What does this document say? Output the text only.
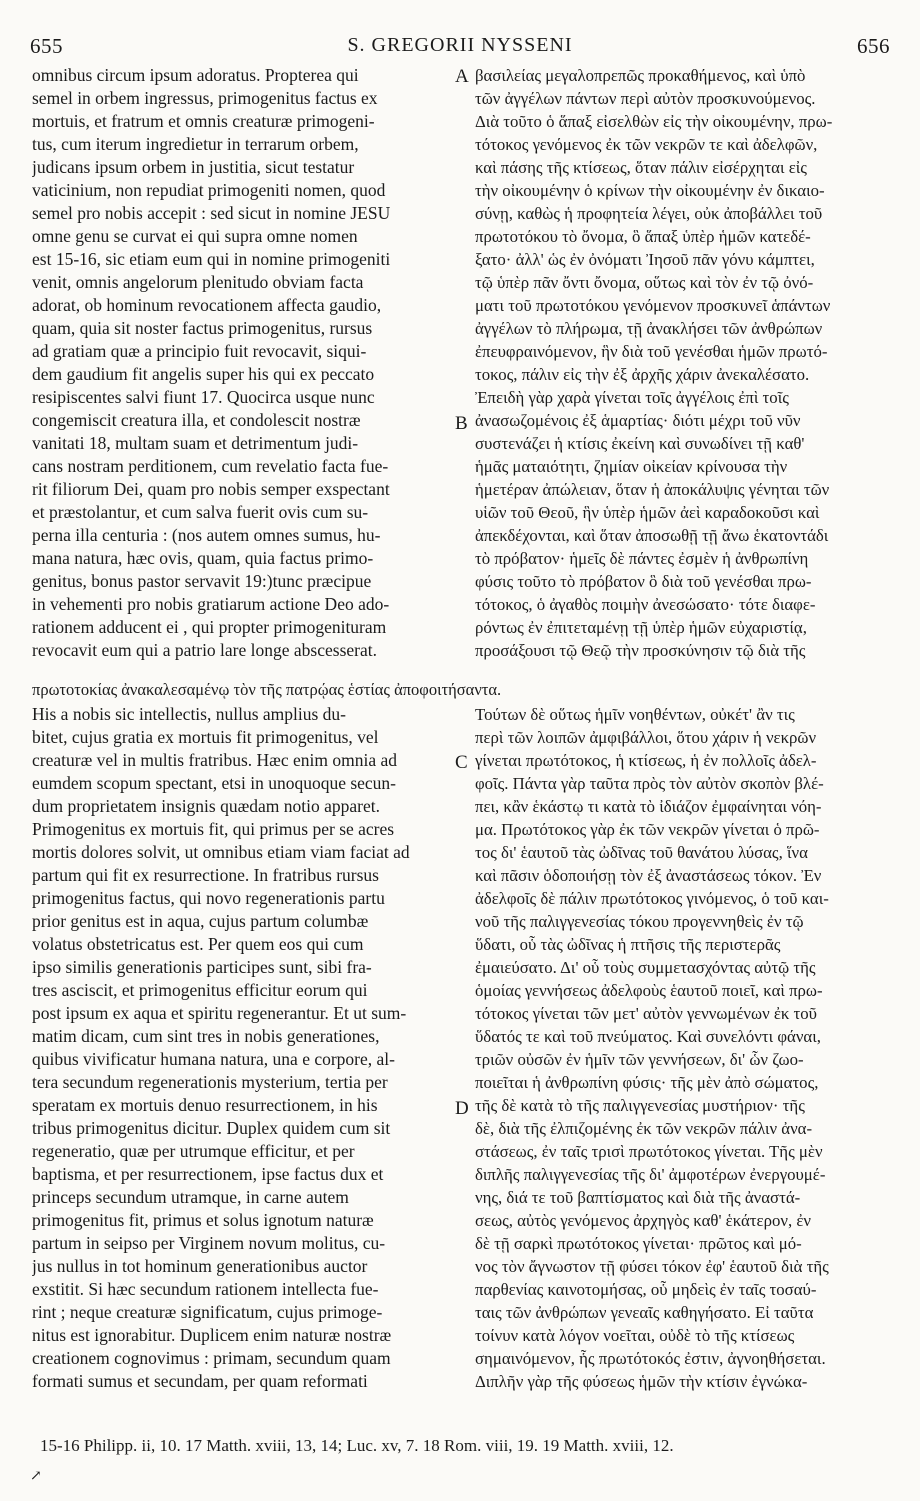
655	S. GREGORII NYSSENI	656
omnibus circum ipsum adoratus. Propterea qui
semel in orbem ingressus, primogenitus factus ex
mortuis, et fratrum et omnis creaturæ primogeni-
tus, cum iterum ingredietur in terrarum orbem,
judicans ipsum orbem in justitia, sicut testatur
vaticinium, non repudiat primogeniti nomen, quod
semel pro nobis accepit : sed sicut in nomine JESU
omne genu se curvat ei qui supra omne nomen
est 15-16, sic etiam eum qui in nomine primogeniti
venit, omnis angelorum plenitudo obviam facta
adorat, ob hominum revocationem affecta gaudio,
quam, quia sit noster factus primogenitus, rursus
ad gratiam quæ a principio fuit revocavit, siqui-
dem gaudium fit angelis super his qui ex peccato
resipiscentes salvi fiunt 17. Quocirca usque nunc
congemiscit creatura illa, et condolescit nostræ
vanitati 18, multam suam et detrimentum judi-
cans nostram perditionem, cum revelatio facta fue-
rit filiorum Dei, quam pro nobis semper exspectant
et præstolantur, et cum salva fuerit ovis cum su-
perna illa centuria : (nos autem omnes sumus, hu-
mana natura, hæc ovis, quam, quia factus primo-
genitus, bonus pastor servavit 19:)tunc præcipue
in vehementi pro nobis gratiarum actione Deo ado-
rationem adducent ei , qui propter primogenituram
revocavit eum qui a patrio lare longe abscesserat.
βασιλείας μεγαλοπρεπῶς προκαθήμενος, καὶ ὑπὸ
τῶν ἀγγέλων πάντων περὶ αὐτὸν προσκυνούμενος.
Διὰ τοῦτο ὁ ἅπαξ εἰσελθὼν εἰς τὴν οἰκουμένην, πρω-
τότοκος γενόμενος ἐκ τῶν νεκρῶν τε καὶ ἀδελφῶν,
καὶ πάσης τῆς κτίσεως, ὅταν πάλιν εἰσέρχηται εἰς
τὴν οἰκουμένην ὁ κρίνων τὴν οἰκουμένην ἐν δικαιο-
σύνῃ, καθὼς ἡ προφητεία λέγει, οὐκ ἀποβάλλει τοῦ
πρωτοτόκου τὸ ὄνομα, ὃ ἅπαξ ὑπὲρ ἡμῶν κατεδέ-
ξατο· ἀλλ' ὡς ἐν ὀνόματι Ἰησοῦ πᾶν γόνυ κάμπτει,
τῷ ὑπὲρ πᾶν ὄντι ὄνομα, οὕτως καὶ τὸν ἐν τῷ ὀνό-
ματι τοῦ πρωτοτόκου γενόμενον προσκυνεῖ ἁπάντων
ἀγγέλων τὸ πλήρωμα, τῇ ἀνακλήσει τῶν ἀνθρώπων
ἐπευφραινόμενον, ἣν διὰ τοῦ γενέσθαι ἡμῶν πρωτό-
τοκος, πάλιν εἰς τὴν ἐξ ἀρχῆς χάριν ἀνεκαλέσατο.
Ἐπειδὴ γὰρ χαρὰ γίνεται τοῖς ἀγγέλοις ἐπὶ τοῖς
ἀνασωζομένοις ἐξ ἁμαρτίας· διότι μέχρι τοῦ νῦν
συστενάζει ἡ κτίσις ἐκείνη καὶ συνωδίνει τῇ καθ'
ἡμᾶς ματαιότητι, ζημίαν οἰκείαν κρίνουσα τὴν
ἡμετέραν ἀπώλειαν, ὅταν ἡ ἀποκάλυψις γένηται τῶν
υἱῶν τοῦ Θεοῦ, ἣν ὑπὲρ ἡμῶν ἀεὶ καραδοκοῦσι καὶ
ἀπεκδέχονται, καὶ ὅταν ἀποσωθῇ τῇ ἄνω ἑκατοντάδι
τὸ πρόβατον· ἡμεῖς δὲ πάντες ἐσμὲν ἡ ἀνθρωπίνη
φύσις τοῦτο τὸ πρόβατον ὃ διὰ τοῦ γενέσθαι πρω-
τότοκος, ὁ ἀγαθὸς ποιμὴν ἀνεσώσατο· τότε διαφε-
ρόντως ἐν ἐπιτεταμένῃ τῇ ὑπὲρ ἡμῶν εὐχαριστίᾳ,
προσάξουσι τῷ Θεῷ τὴν προσκύνησιν τῷ διὰ τῆς
A
B
C
D
πρωτοτοκίας ἀνακαλεσαμένῳ τὸν τῆς πατρῴας ἑστίας ἀποφοιτήσαντα.
His a nobis sic intellectis, nullus amplius du-
bitet, cujus gratia ex mortuis fit primogenitus, vel
creaturæ vel in multis fratribus. Hæc enim omnia ad
eumdem scopum spectant, etsi in unoquoque secun-
dum proprietatem insignis quædam notio apparet.
Primogenitus ex mortuis fit, qui primus per se acres
mortis dolores solvit, ut omnibus etiam viam faciat ad
partum qui fit ex resurrectione. In fratribus rursus
primogenitus factus, qui novo regenerationis partu
prior genitus est in aqua, cujus partum columbæ
volatus obstetricatus est. Per quem eos qui cum
ipso similis generationis participes sunt, sibi fra-
tres asciscit, et primogenitus efficitur eorum qui
post ipsum ex aqua et spiritu regenerantur. Et ut sum-
matim dicam, cum sint tres in nobis generationes,
quibus vivificatur humana natura, una e corpore, al-
tera secundum regenerationis mysterium, tertia per
speratam ex mortuis denuo resurrectionem, in his
tribus primogenitus dicitur. Duplex quidem cum sit
regeneratio, quæ per utrumque efficitur, et per
baptisma, et per resurrectionem, ipse factus dux et
princeps secundum utramque, in carne autem
primogenitus fit, primus et solus ignotum naturæ
partum in seipso per Virginem novum molitus, cu-
jus nullus in tot hominum generationibus auctor
exstitit. Si hæc secundum rationem intellecta fue-
rint ; neque creaturæ significatum, cujus primoge-
nitus est ignorabitur. Duplicem enim naturæ nostræ
creationem cognovimus : primam, secundum quam
formati sumus et secundam, per quam reformati
Τούτων δὲ οὕτως ἡμῖν νοηθέντων, οὐκέτ' ἂν τις
περὶ τῶν λοιπῶν ἀμφιβάλλοι, ὅτου χάριν ἡ νεκρῶν
γίνεται πρωτότοκος, ἡ κτίσεως, ἡ ἐν πολλοῖς ἀδελ-
φοῖς. Πάντα γὰρ ταῦτα πρὸς τὸν αὐτὸν σκοπὸν βλέ-
πει, κἂν ἑκάστῳ τι κατὰ τὸ ἰδιάζον ἐμφαίνηται νόη-
μα. Πρωτότοκος γὰρ ἐκ τῶν νεκρῶν γίνεται ὁ πρῶ-
τος δι' ἑαυτοῦ τὰς ὠδῖνας τοῦ θανάτου λύσας, ἵνα
καὶ πᾶσιν ὁδοποιήσῃ τὸν ἐξ ἀναστάσεως τόκον. Ἐν
ἀδελφοῖς δὲ πάλιν πρωτότοκος γινόμενος, ὁ τοῦ και-
νοῦ τῆς παλιγγενεσίας τόκου προγεννηθεὶς ἐν τῷ
ὕδατι, οὗ τὰς ὠδῖνας ἡ πτῆσις τῆς περιστερᾶς
ἐμαιεύσατο. Δι' οὗ τοὺς συμμετασχόντας αὐτῷ τῆς
ὁμοίας γεννήσεως ἀδελφοὺς ἑαυτοῦ ποιεῖ, καὶ πρω-
τότοκος γίνεται τῶν μετ' αὐτὸν γεννωμένων ἐκ τοῦ
ὕδατός τε καὶ τοῦ πνεύματος. Καὶ συνελόντι φάναι,
τριῶν οὐσῶν ἐν ἡμῖν τῶν γεννήσεων, δι' ὧν ζωο-
ποιεῖται ἡ ἀνθρωπίνη φύσις· τῆς μὲν ἀπὸ σώματος,
τῆς δὲ κατὰ τὸ τῆς παλιγγενεσίας μυστήριον· τῆς
δὲ, διὰ τῆς ἐλπιζομένης ἐκ τῶν νεκρῶν πάλιν ἀνα-
στάσεως, ἐν ταῖς τρισὶ πρωτότοκος γίνεται. Τῆς μὲν
διπλῆς παλιγγενεσίας τῆς δι' ἀμφοτέρων ἐνεργουμέ-
νης, διά τε τοῦ βαπτίσματος καὶ διὰ τῆς ἀναστά-
σεως, αὐτὸς γενόμενος ἀρχηγὸς καθ' ἑκάτερον, ἐν
δὲ τῇ σαρκὶ πρωτότοκος γίνεται· πρῶτος καὶ μό-
νος τὸν ἄγνωστον τῇ φύσει τόκον ἐφ' ἑαυτοῦ διὰ τῆς
παρθενίας καινοτομήσας, οὗ μηδεὶς ἐν ταῖς τοσαύ-
ταις τῶν ἀνθρώπων γενεαῖς καθηγήσατο. Εἰ ταῦτα
τοίνυν κατὰ λόγον νοεῖται, οὐδὲ τὸ τῆς κτίσεως
σημαινόμενον, ἧς πρωτότοκός ἐστιν, ἀγνοηθήσεται.
Διπλῆν γὰρ τῆς φύσεως ἡμῶν τὴν κτίσιν ἐγνώκα-
15-16 Philipp. ii, 10. 17 Matth. xviii, 13, 14; Luc. xv, 7. 18 Rom. viii, 19. 19 Matth. xviii, 12.
↗
